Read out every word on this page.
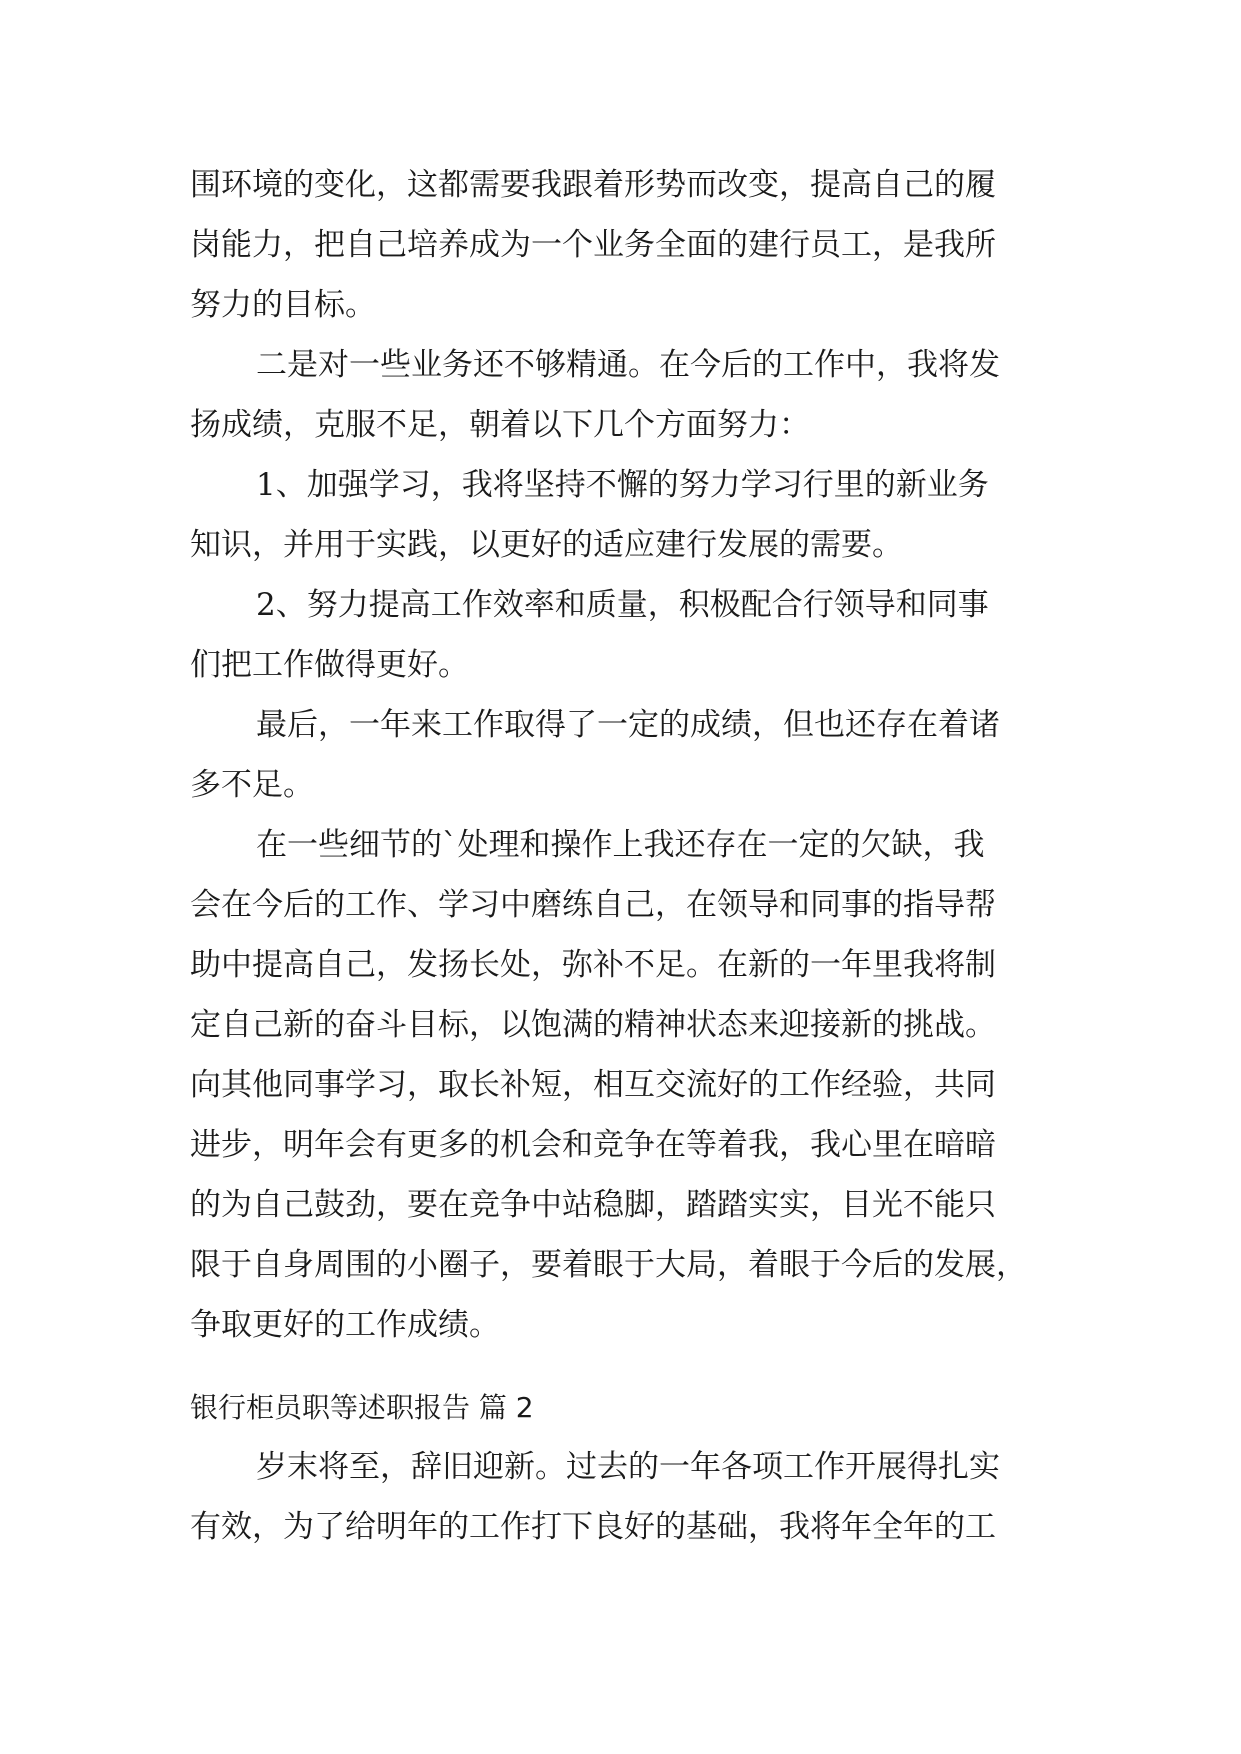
围环境的变化，这都需要我跟着形势而改变，提高自己的履
岗能力，把自己培养成为一个业务全面的建行员工，是我所
努力的目标。
二是对一些业务还不够精通。在今后的工作中，我将发
扬成绩，克服不足，朝着以下几个方面努力：
1、加强学习，我将坚持不懈的努力学习行里的新业务
知识，并用于实践，以更好的适应建行发展的需要。
2、努力提高工作效率和质量，积极配合行领导和同事
们把工作做得更好。
最后，一年来工作取得了一定的成绩，但也还存在着诸
多不足。
在一些细节的`处理和操作上我还存在一定的欠缺，我
会在今后的工作、学习中磨练自己，在领导和同事的指导帮
助中提高自己，发扬长处，弥补不足。在新的一年里我将制
定自己新的奋斗目标，以饱满的精神状态来迎接新的挑战。
向其他同事学习，取长补短，相互交流好的工作经验，共同
进步，明年会有更多的机会和竞争在等着我，我心里在暗暗
的为自己鼓劲，要在竞争中站稳脚，踏踏实实，目光不能只
限于自身周围的小圈子，要着眼于大局，着眼于今后的发展，
争取更好的工作成绩。
银行柜员职等述职报告 篇 2
岁末将至，辞旧迎新。过去的一年各项工作开展得扎实
有效，为了给明年的工作打下良好的基础，我将年全年的工
